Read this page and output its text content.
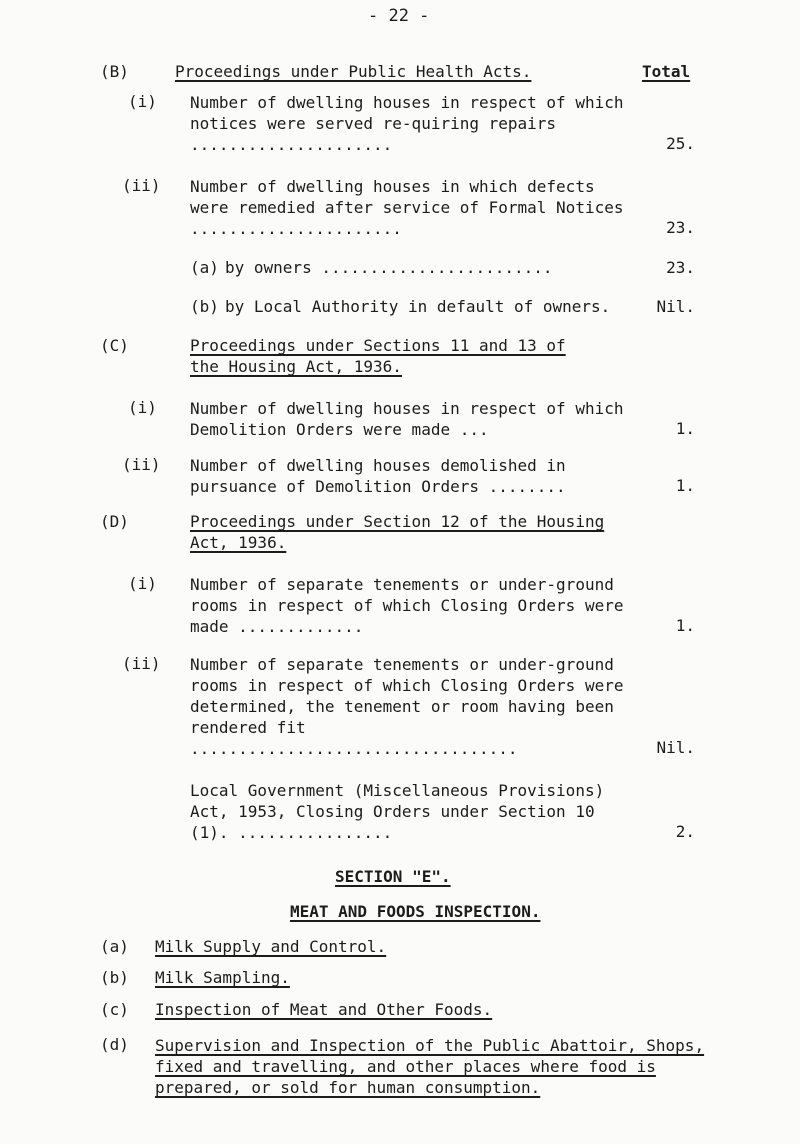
- 22 -
(B)	Proceedings under Public Health Acts.	Total
(i) Number of dwelling houses in respect of which notices were served re-quiring repairs .....................	25.
(ii) Number of dwelling houses in which defects were remedied after service of Formal Notices ......................	23.
(a) by owners ........................	23.
(b) by Local Authority in default of owners.	Nil.
(C)	Proceedings under Sections 11 and 13 of
the Housing Act, 1936.
(i) Number of dwelling houses in respect of which Demolition Orders were made ...	1.
(ii) Number of dwelling houses demolished in pursuance of Demolition Orders ........	1.
(D)	Proceedings under Section 12 of the Housing
Act, 1936.
(i) Number of separate tenements or under-ground rooms in respect of which Closing Orders were made .............	1.
(ii) Number of separate tenements or under-ground rooms in respect of which Closing Orders were determined, the tenement or room having been rendered fit ..................................	Nil.
Local Government (Miscellaneous Provisions) Act, 1953, Closing Orders under Section 10 (1). ................	2.
SECTION "E".
MEAT AND FOODS INSPECTION.
(a) Milk Supply and Control.
(b) Milk Sampling.
(c) Inspection of Meat and Other Foods.
(d) Supervision and Inspection of the Public Abattoir, Shops, fixed and travelling, and other places where food is prepared, or sold for human consumption.
